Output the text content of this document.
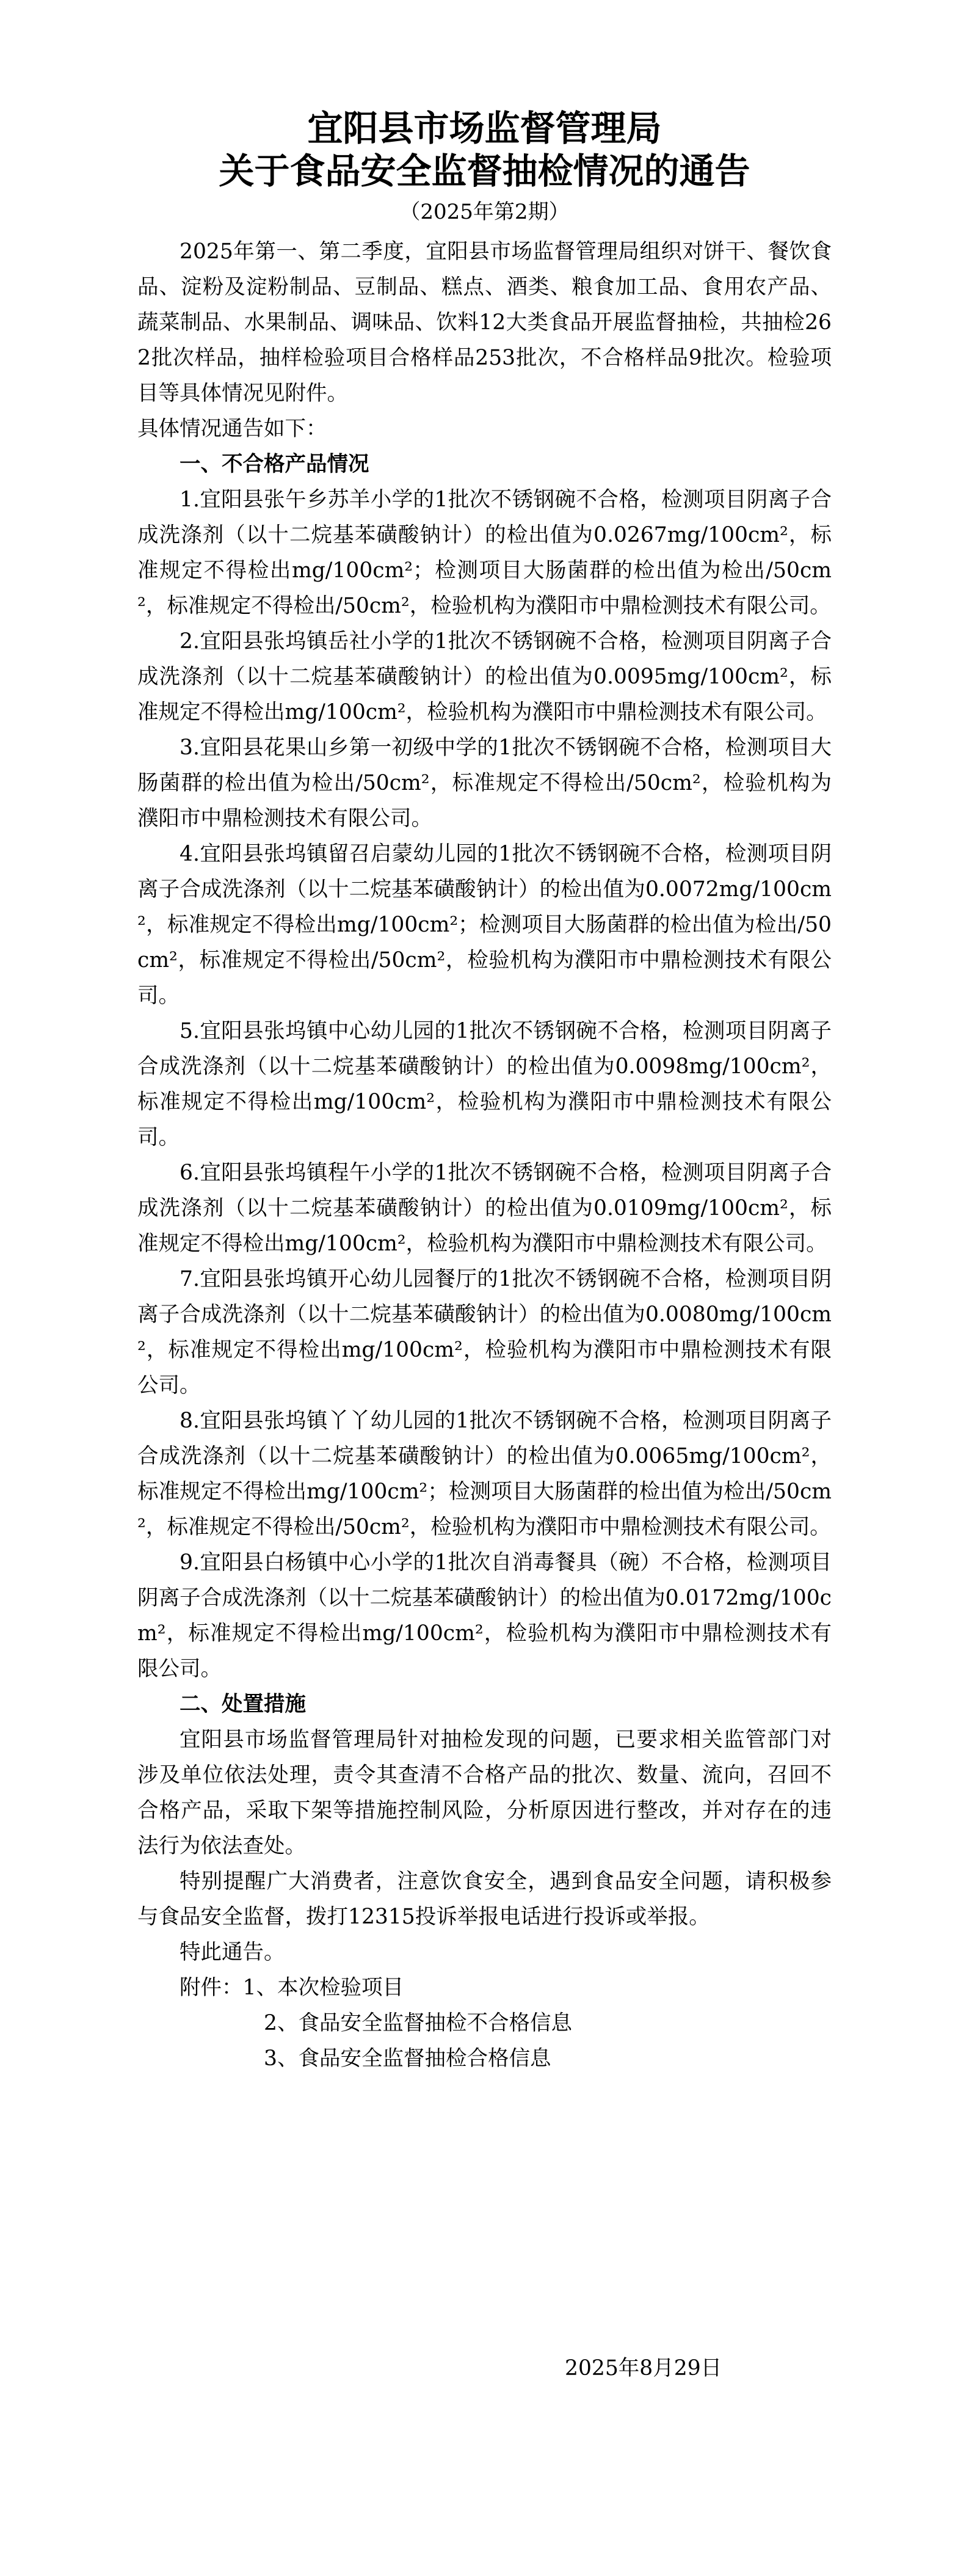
宜阳县市场监督管理局
关于食品安全监督抽检情况的通告
（2025年第2期）

2025年第一、第二季度，宜阳县市场监督管理局组织对饼干、餐饮食品、淀粉及淀粉制品、豆制品、糕点、酒类、粮食加工品、食用农产品、蔬菜制品、水果制品、调味品、饮料12大类食品开展监督抽检，共抽检262批次样品，抽样检验项目合格样品253批次，不合格样品9批次。检验项目等具体情况见附件。

具体情况通告如下：

一、不合格产品情况

1.宜阳县张午乡苏羊小学的1批次不锈钢碗不合格，检测项目阴离子合成洗涤剂（以十二烷基苯磺酸钠计）的检出值为0.0267mg/100cm²，标准规定不得检出mg/100cm²；检测项目大肠菌群的检出值为检出/50cm²，标准规定不得检出/50cm²，检验机构为濮阳市中鼎检测技术有限公司。

2.宜阳县张坞镇岳社小学的1批次不锈钢碗不合格，检测项目阴离子合成洗涤剂（以十二烷基苯磺酸钠计）的检出值为0.0095mg/100cm²，标准规定不得检出mg/100cm²，检验机构为濮阳市中鼎检测技术有限公司。

3.宜阳县花果山乡第一初级中学的1批次不锈钢碗不合格，检测项目大肠菌群的检出值为检出/50cm²，标准规定不得检出/50cm²，检验机构为濮阳市中鼎检测技术有限公司。

4.宜阳县张坞镇留召启蒙幼儿园的1批次不锈钢碗不合格，检测项目阴离子合成洗涤剂（以十二烷基苯磺酸钠计）的检出值为0.0072mg/100cm²，标准规定不得检出mg/100cm²；检测项目大肠菌群的检出值为检出/50cm²，标准规定不得检出/50cm²，检验机构为濮阳市中鼎检测技术有限公司。

5.宜阳县张坞镇中心幼儿园的1批次不锈钢碗不合格，检测项目阴离子合成洗涤剂（以十二烷基苯磺酸钠计）的检出值为0.0098mg/100cm²，标准规定不得检出mg/100cm²，检验机构为濮阳市中鼎检测技术有限公司。

6.宜阳县张坞镇程午小学的1批次不锈钢碗不合格，检测项目阴离子合成洗涤剂（以十二烷基苯磺酸钠计）的检出值为0.0109mg/100cm²，标准规定不得检出mg/100cm²，检验机构为濮阳市中鼎检测技术有限公司。

7.宜阳县张坞镇开心幼儿园餐厅的1批次不锈钢碗不合格，检测项目阴离子合成洗涤剂（以十二烷基苯磺酸钠计）的检出值为0.0080mg/100cm²，标准规定不得检出mg/100cm²，检验机构为濮阳市中鼎检测技术有限公司。

8.宜阳县张坞镇丫丫幼儿园的1批次不锈钢碗不合格，检测项目阴离子合成洗涤剂（以十二烷基苯磺酸钠计）的检出值为0.0065mg/100cm²，标准规定不得检出mg/100cm²；检测项目大肠菌群的检出值为检出/50cm²，标准规定不得检出/50cm²，检验机构为濮阳市中鼎检测技术有限公司。

9.宜阳县白杨镇中心小学的1批次自消毒餐具（碗）不合格，检测项目阴离子合成洗涤剂（以十二烷基苯磺酸钠计）的检出值为0.0172mg/100cm²，标准规定不得检出mg/100cm²，检验机构为濮阳市中鼎检测技术有限公司。

二、处置措施

宜阳县市场监督管理局针对抽检发现的问题，已要求相关监管部门对涉及单位依法处理，责令其查清不合格产品的批次、数量、流向，召回不合格产品，采取下架等措施控制风险，分析原因进行整改，并对存在的违法行为依法查处。

特别提醒广大消费者，注意饮食安全，遇到食品安全问题，请积极参与食品安全监督，拨打12315投诉举报电话进行投诉或举报。

特此通告。

附件：1、本次检验项目
2、食品安全监督抽检不合格信息
3、食品安全监督抽检合格信息
2025年8月29日
